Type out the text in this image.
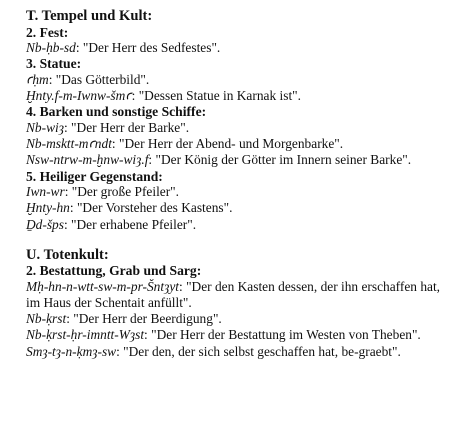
T. Tempel und Kult:
2. Fest:

Nb-ḥb-sd: "Der Herr des Sedfestes".

3. Statue:

ꜥḥm: "Das Götterbild".

Ḫnty.f-m-Iwnw-šmꜥ: "Dessen Statue in Karnak ist".

4. Barken und sonstige Schiffe:

Nb-wiȝ: "Der Herr der Barke".

Nb-msktt-mꜥndt: "Der Herr der Abend- und Morgenbarke".

Nsw-ntrw-m-ḫnw-wiȝ.f: "Der König der Götter im Innern seiner Barke".

5. Heiliger Gegenstand:

Iwn-wr: "Der große Pfeiler".

Ḫnty-hn: "Der Vorsteher des Kastens".

Ḏd-šps: "Der erhabene Pfeiler".

U. Totenkult:
2. Bestattung, Grab und Sarg:

Mḥ-hn-n-wtt-sw-m-pr-Šntȝyt: "Der den Kasten dessen, der ihn erschaffen hat, im Haus der Schentait anfüllt".

Nb-ḳrst: "Der Herr der Beerdigung".

Nb-ḳrst-ḥr-imntt-Wȝst: "Der Herr der Bestattung im Westen von Theben".

Smȝ-tȝ-n-ḳmȝ-sw: "Der den, der sich selbst geschaffen hat, be-graebt".
